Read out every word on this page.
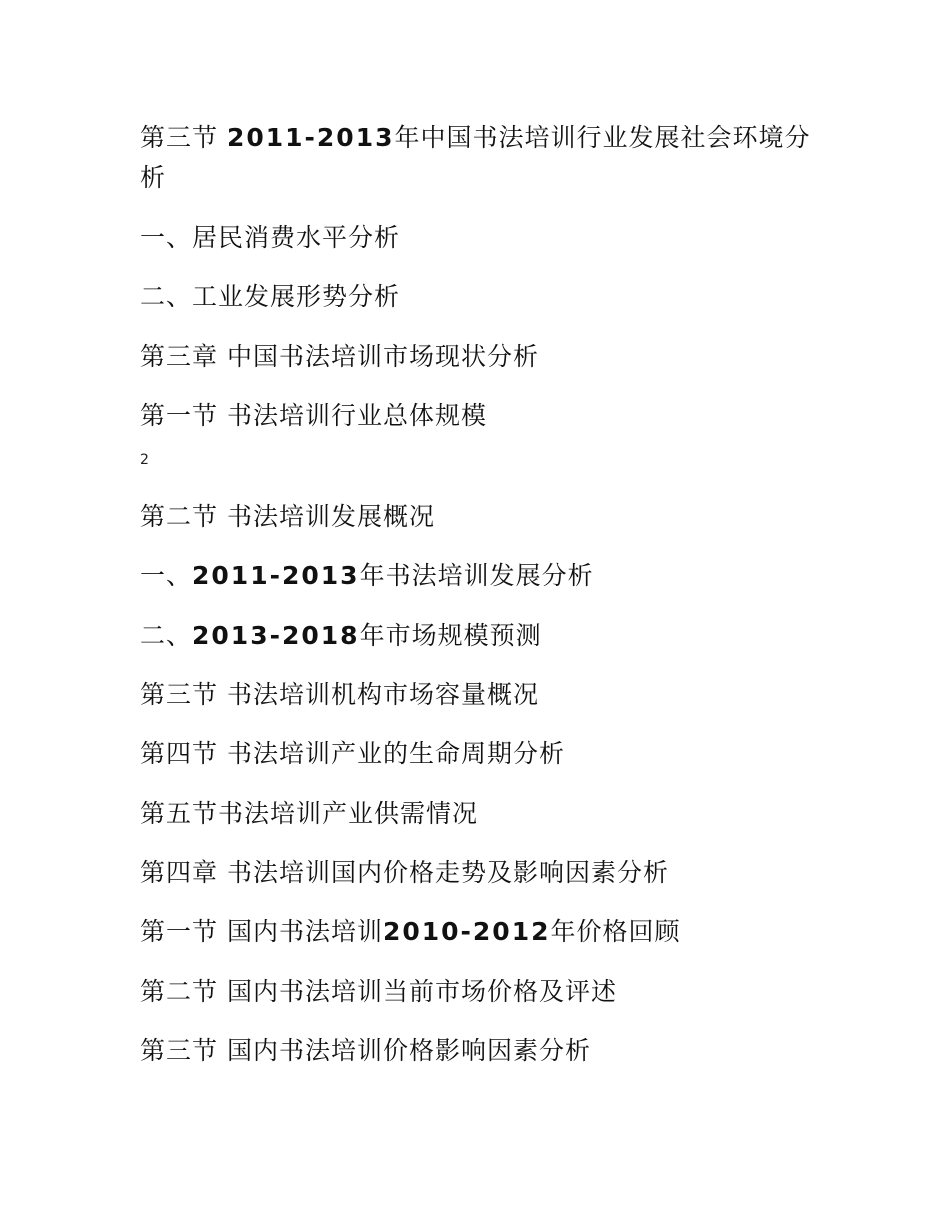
第三节 2011-2013年中国书法培训行业发展社会环境分析
一、居民消费水平分析
二、工业发展形势分析
第三章 中国书法培训市场现状分析
第一节 书法培训行业总体规模
2
第二节 书法培训发展概况
一、2011-2013年书法培训发展分析
二、2013-2018年市场规模预测
第三节 书法培训机构市场容量概况
第四节 书法培训产业的生命周期分析
第五节书法培训产业供需情况
第四章 书法培训国内价格走势及影响因素分析
第一节 国内书法培训2010-2012年价格回顾
第二节 国内书法培训当前市场价格及评述
第三节 国内书法培训价格影响因素分析
